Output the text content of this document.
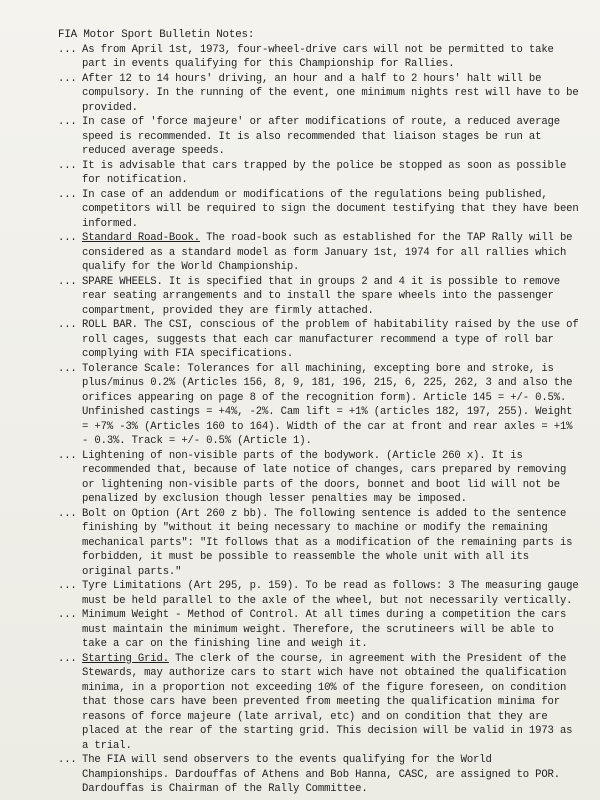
FIA Motor Sport Bulletin Notes:

... As from April 1st, 1973, four-wheel-drive cars will not be permitted to take part in events qualifying for this Championship for Rallies.

... After 12 to 14 hours' driving, an hour and a half to 2 hours' halt will be compulsory. In the running of the event, one minimum nights rest will have to be provided.

... In case of 'force majeure' or after modifications of route, a reduced average speed is recommended. It is also recommended that liaison stages be run at reduced average speeds.

... It is advisable that cars trapped by the police be stopped as soon as possible for notification.

... In case of an addendum or modifications of the regulations being published, competitors will be required to sign the document testifying that they have been informed.

... Standard Road-Book. The road-book such as established for the TAP Rally will be considered as a standard model as form January 1st, 1974 for all rallies which qualify for the World Championship.

... SPARE WHEELS. It is specified that in groups 2 and 4 it is possible to remove rear seating arrangements and to install the spare wheels into the passenger compartment, provided they are firmly attached.

... ROLL BAR. The CSI, conscious of the problem of habitability raised by the use of roll cages, suggests that each car manufacturer recommend a type of roll bar complying with FIA specifications.

... Tolerance Scale: Tolerances for all machining, excepting bore and stroke, is plus/minus 0.2% (Articles 156, 8, 9, 181, 196, 215, 6, 225, 262, 3 and also the orifices appearing on page 8 of the recognition form). Article 145 = +/- 0.5%. Unfinished castings = +4%, -2%. Cam lift = +1% (articles 182, 197, 255). Weight = +7% -3% (Articles 160 to 164). Width of the car at front and rear axles = +1% - 0.3%. Track = +/- 0.5% (Article 1).

... Lightening of non-visible parts of the bodywork. (Article 260 x). It is recommended that, because of late notice of changes, cars prepared by removing or lightening non-visible parts of the doors, bonnet and boot lid will not be penalized by exclusion though lesser penalties may be imposed.

... Bolt on Option (Art 260 z bb). The following sentence is added to the sentence finishing by "without it being necessary to machine or modify the remaining mechanical parts": "It follows that as a modification of the remaining parts is forbidden, it must be possible to reassemble the whole unit with all its original parts."

... Tyre Limitations (Art 295, p. 159). To be read as follows: 3 The measuring gauge must be held parallel to the axle of the wheel, but not necessarily vertically.

... Minimum Weight - Method of Control. At all times during a competition the cars must maintain the minimum weight. Therefore, the scrutineers will be able to take a car on the finishing line and weigh it.

... Starting Grid. The clerk of the course, in agreement with the President of the Stewards, may authorize cars to start wich have not obtained the qualification minima, in a proportion not exceeding 10% of the figure foreseen, on condition that those cars have been prevented from meeting the qualification minima for reasons of force majeure (late arrival, etc) and on condition that they are placed at the rear of the starting grid. This decision will be valid in 1973 as a trial.

... The FIA will send observers to the events qualifying for the World Championships. Dardouffas of Athens and Bob Hanna, CASC, are assigned to POR. Dardouffas is Chairman of the Rally Committee.
